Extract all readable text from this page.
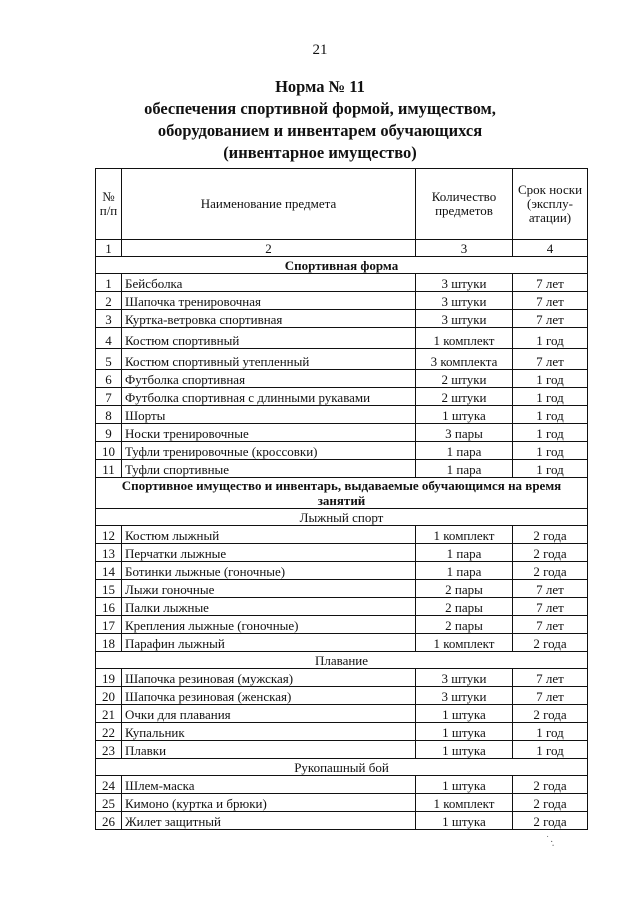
21
Норма № 11
обеспечения спортивной формой, имуществом,
оборудованием и инвентарем обучающихся
(инвентарное имущество)
№ п/п	Наименование предмета	Количество предметов	Срок носки (эксплу-атации)
1	2	3	4
Спортивная форма			
1	Бейсболка	3 штуки	7 лет
2	Шапочка тренировочная	3 штуки	7 лет
3	Куртка-ветровка спортивная	3 штуки	7 лет
4	Костюм спортивный	1 комплект	1 год
5	Костюм спортивный утепленный	3 комплекта	7 лет
6	Футболка спортивная	2 штуки	1 год
7	Футболка спортивная с длинными рукавами	2 штуки	1 год
8	Шорты	1 штука	1 год
9	Носки тренировочные	3 пары	1 год
10	Туфли тренировочные (кроссовки)	1 пара	1 год
11	Туфли спортивные	1 пара	1 год
Спортивное имущество и инвентарь, выдаваемые обучающимся на время занятий			
Лыжный спорт			
12	Костюм лыжный	1 комплект	2 года
13	Перчатки лыжные	1 пара	2 года
14	Ботинки лыжные (гоночные)	1 пара	2 года
15	Лыжи гоночные	2 пары	7 лет
16	Палки лыжные	2 пары	7 лет
17	Крепления лыжные (гоночные)	2 пары	7 лет
18	Парафин лыжный	1 комплект	2 года
Плавание			
19	Шапочка резиновая (мужская)	3 штуки	7 лет
20	Шапочка резиновая (женская)	3 штуки	7 лет
21	Очки для плавания	1 штука	2 года
22	Купальник	1 штука	1 год
23	Плавки	1 штука	1 год
Рукопашный бой			
24	Шлем-маска	1 штука	2 года
25	Кимоно (куртка и брюки)	1 комплект	2 года
26	Жилет защитный	1 штука	2 года
˙ ·.
